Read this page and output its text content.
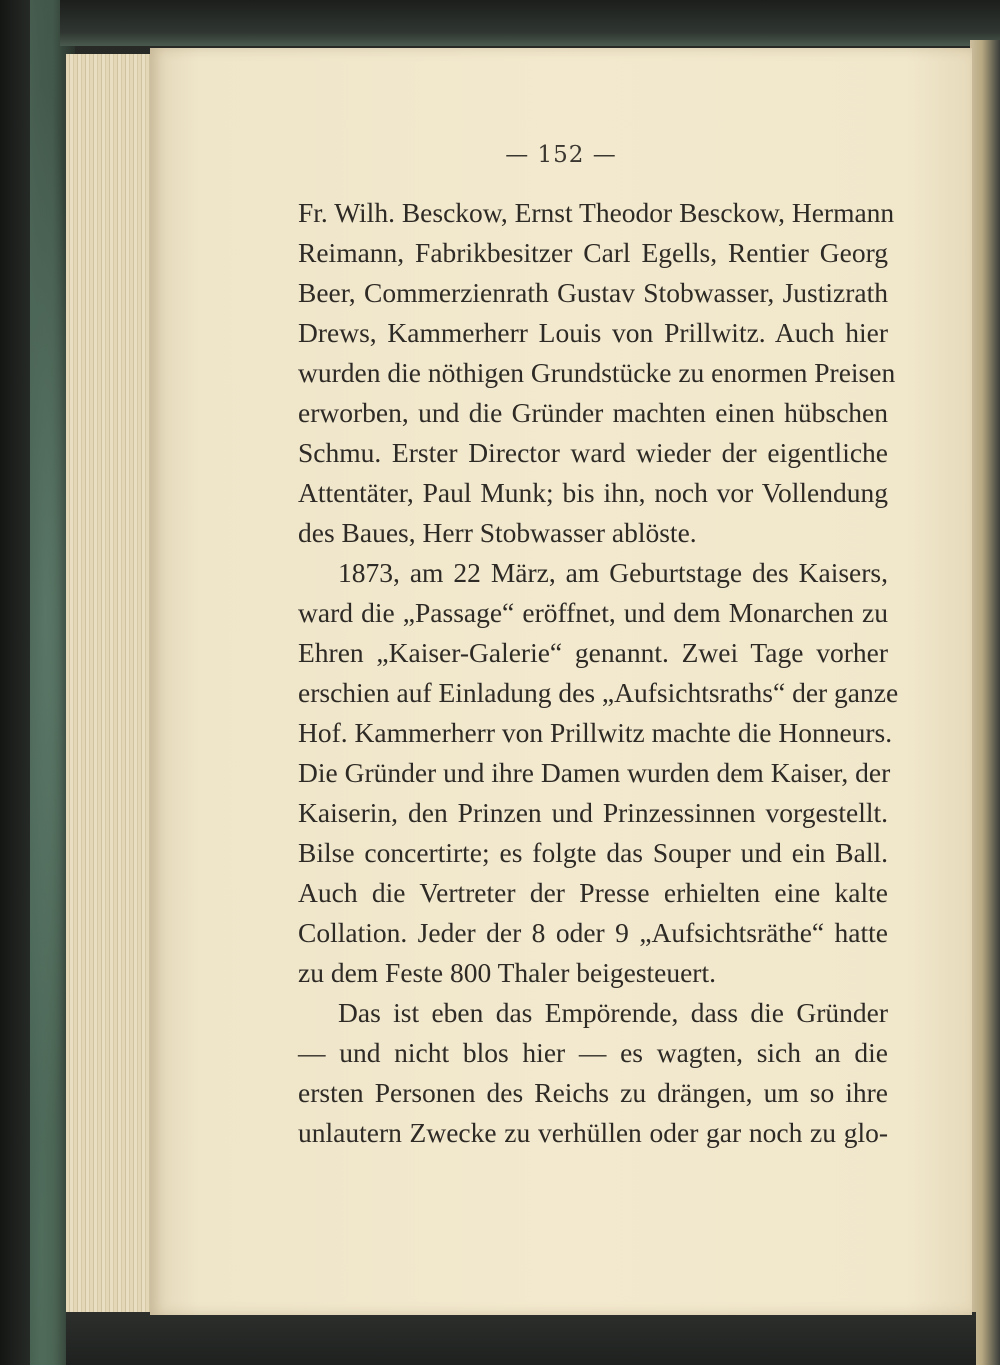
— 152 —

Fr. Wilh. Besckow, Ernst Theodor Besckow, Hermann
Reimann, Fabrikbesitzer Carl Egells, Rentier Georg
Beer, Commerzienrath Gustav Stobwasser, Justizrath
Drews, Kammerherr Louis von Prillwitz. Auch hier
wurden die nöthigen Grundstücke zu enormen Preisen
erworben, und die Gründer machten einen hübschen
Schmu. Erster Director ward wieder der eigentliche
Attentäter, Paul Munk; bis ihn, noch vor Vollendung
des Baues, Herr Stobwasser ablöste.
1873, am 22 März, am Geburtstage des Kaisers,
ward die „Passage“ eröffnet, und dem Monarchen zu
Ehren „Kaiser-Galerie“ genannt. Zwei Tage vorher
erschien auf Einladung des „Aufsichtsraths“ der ganze
Hof. Kammerherr von Prillwitz machte die Honneurs.
Die Gründer und ihre Damen wurden dem Kaiser, der
Kaiserin, den Prinzen und Prinzessinnen vorgestellt.
Bilse concertirte; es folgte das Souper und ein Ball.
Auch die Vertreter der Presse erhielten eine kalte
Collation. Jeder der 8 oder 9 „Aufsichtsräthe“ hatte
zu dem Feste 800 Thaler beigesteuert.
Das ist eben das Empörende, dass die Gründer
— und nicht blos hier — es wagten, sich an die
ersten Personen des Reichs zu drängen, um so ihre
unlautern Zwecke zu verhüllen oder gar noch zu glo-
